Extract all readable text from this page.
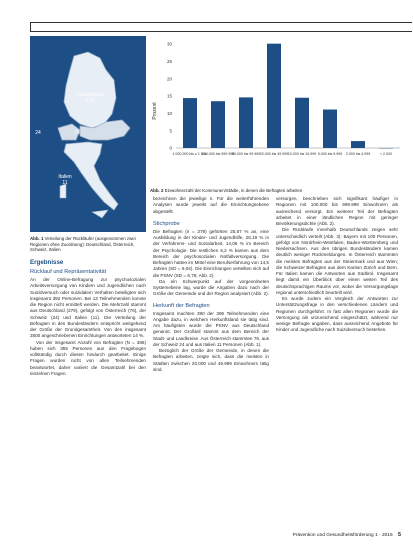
Deutschland
279
24	76
Italien
11
Prozent
0
5
10
15
20
25
30
1.000.000 bis ≥ 1 Mio.
100.000 bis 999.999
50.000 bis 99.999 20.000 bis 49.999 10.000 bis 19.999 5.000 bis 9.999 2.000 bis 4.999	< 2.000
Abb. 2 Einwohnerzahl der Kommunen/Städte, in denen die Befragten arbeiten
Abb. 1 Verteilung der Rückläufer (ausgenommen zwei Regionen ohne Zuordnung): Deutschland, Österreich, Schweiz, Italien
Ergebnisse
Rücklauf und Repräsentativität

An der Online-Befragung zur psychosozialen Arbeitsversorgung von Kindern und Jugendlichen nach Suizidversuch oder suizidalem Verhalten beteiligten sich insgesamt 392 Personen. Bei 13 Teilnehmenden konnte die Region nicht ermittelt werden. Die Mehrzahl stammt aus Deutschland (279), gefolgt von Österreich (76), der Schweiz (24) und Italien (11). Die Verteilung der Befragten in den Bundesländern entspricht weitgehend der Größe der Grundgesamtheit. Von den insgesamt 2800 angeschriebenen Einrichtungen antworteten 14 %.

Von der insgesamt Anzahl von Befragten (N = 386) haben sich 355 Personen aus den Fragebogen vollständig durch diesen hindurch gearbeitet. Einige Fragen wurden nicht von allen Teilnehmenden beantwortet, daher variiert die Gesamtzahl bei den einzelnen Fragen.

bezeichnen die jeweilige n. Für die weiterführenden Analysen wurde jeweils auf die Einrichtungsebene abgestellt.

Stichprobe

Die Befragten (n = 379) gehörten 25,67 % an, eine Ausbildung in der Kinder- und Jugendhilfe, 26,19 % in der Verfahrens- und Sozialarbeit, 14,06 % im Bereich der Psychologie. Die restlichen 6,2 % kamen aus dem Bereich der psychosozialen Notfallversorgung. Die Befragten hatten im Mittel eine Berufserfahrung von 14,5 Jahren (SD = 9,04). Die Einrichtungen verteilten sich auf die PSNV (SD = 6,76; Abb. 2).

Da ein Schwerpunkt auf der vorgeordneten Systemebene lag, wurde die Angaben dazu nach der Größe der Gemeinde und der Region analysiert (Abb. 2).

Herkunft der Befragten

Insgesamt machten 390 der 396 Teilnehmenden eine Angabe dazu, in welchem Herkunftsland sie tätig sind. Am häufigsten wurde die PSNV aus Deutschland genannt. Der Großteil stammt aus dem Bereich der Stadt- und Landkreise. Aus Österreich stammten 76, aus der Schweiz 24 und aus Italien 11 Personen (Abb. 1).

Bezüglich der Größe der Gemeinde, in denen die Befragten arbeiten, zeigte sich, dass die meisten in Städten zwischen 20.000 und 49.999 Einwohnern tätig sind.

versorgen, beschrieben sich signifikant häufiger in Regionen mit 100.000 bis 999.999 Einwohnern als ausreichend versorgt. Ein weiterer Teil der Befragten arbeitet in einer ländlichen Region mit geringer Bevölkerungsdichte (Abb. 2).

Die Rückläufe innerhalb Deutschlands zeigen sehr unterschiedlich verteilt (Abb. 3): Bayern mit 100 Personen, gefolgt von Nordrhein-Westfalen, Baden-Württemberg und Niedersachsen. Aus den übrigen Bundesländern kamen deutlich weniger Rückmeldungen. In Österreich stammten die meisten Befragten aus der Steiermark und aus Wien; die Schweizer Befragten aus dem Kanton Zürich und Bern. Für Italien kamen die Antworten aus Südtirol. Insgesamt liegt damit ein Überblick über einen weiten Teil des deutschsprachigen Raums vor, wobei die Versorgungslage regional unterschiedlich beurteilt wird.

Es wurde zudem ein Vergleich der Antworten zur Unterstützungsfrage in den verschiedenen Ländern und Regionen durchgeführt. In fast allen Regionen wurde die Versorgung als unzureichend eingeschätzt, während nur wenige Befragte angaben, dass ausreichend Angebote für Kinder und Jugendliche nach Suizidversuch bestehen.

Prävention und Gesundheitsförderung 1 · 2016 5
